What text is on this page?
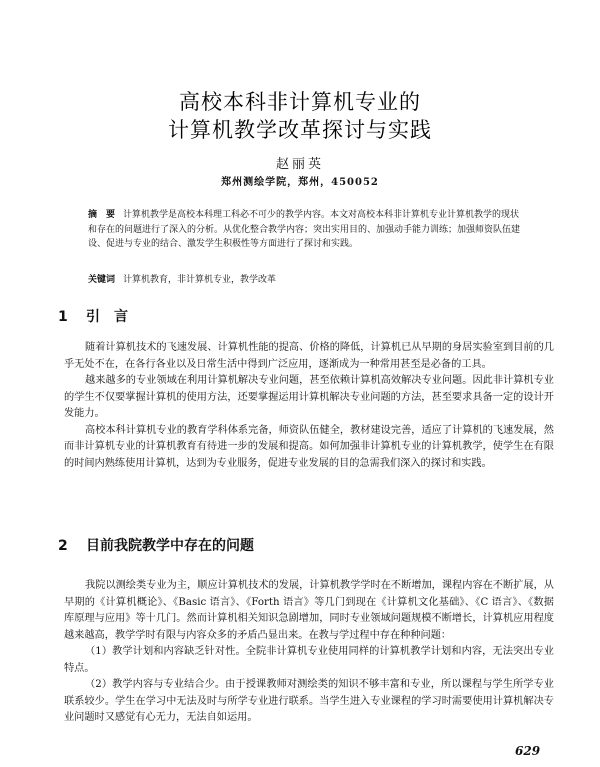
高校本科非计算机专业的
计算机教学改革探讨与实践
赵丽英
郑州测绘学院，郑州，450052
摘　要 计算机教学是高校本科理工科必不可少的教学内容。本文对高校本科非计算机专业计算机教学的现状和存在的问题进行了深入的分析。从优化整合教学内容；突出实用目的、加强动手能力训练；加强师资队伍建设、促进与专业的结合、激发学生积极性等方面进行了探讨和实践。
关键词 计算机教育，非计算机专业，教学改革
1 引　言

随着计算机技术的飞速发展、计算机性能的提高、价格的降低，计算机已从早期的身居实验室到目前的几乎无处不在，在各行各业以及日常生活中得到广泛应用，逐渐成为一种常用甚至是必备的工具。

越来越多的专业领域在利用计算机解决专业问题，甚至依赖计算机高效解决专业问题。因此非计算机专业的学生不仅要掌握计算机的使用方法，还要掌握运用计算机解决专业问题的方法，甚至要求具备一定的设计开发能力。

高校本科计算机专业的教育学科体系完备，师资队伍健全，教材建设完善，适应了计算机的飞速发展，然而非计算机专业的计算机教育有待进一步的发展和提高。如何加强非计算机专业的计算机教学，使学生在有限的时间内熟练使用计算机，达到为专业服务，促进专业发展的目的急需我们深入的探讨和实践。

2 目前我院教学中存在的问题

我院以测绘类专业为主，顺应计算机技术的发展，计算机教学学时在不断增加，课程内容在不断扩展，从早期的《计算机概论》、《Basic 语言》、《Forth 语言》等几门到现在《计算机文化基础》、《C 语言》、《数据库原理与应用》等十几门。然而计算机相关知识急剧增加，同时专业领域问题规模不断增长，计算机应用程度越来越高，教学学时有限与内容众多的矛盾凸显出来。在教与学过程中存在种种问题：

（1）教学计划和内容缺乏针对性。全院非计算机专业使用同样的计算机教学计划和内容，无法突出专业特点。

（2）教学内容与专业结合少。由于授课教师对测绘类的知识不够丰富和专业，所以课程与学生所学专业联系较少。学生在学习中无法及时与所学专业进行联系。当学生进入专业课程的学习时需要使用计算机解决专业问题时又感觉有心无力，无法自如运用。

629
